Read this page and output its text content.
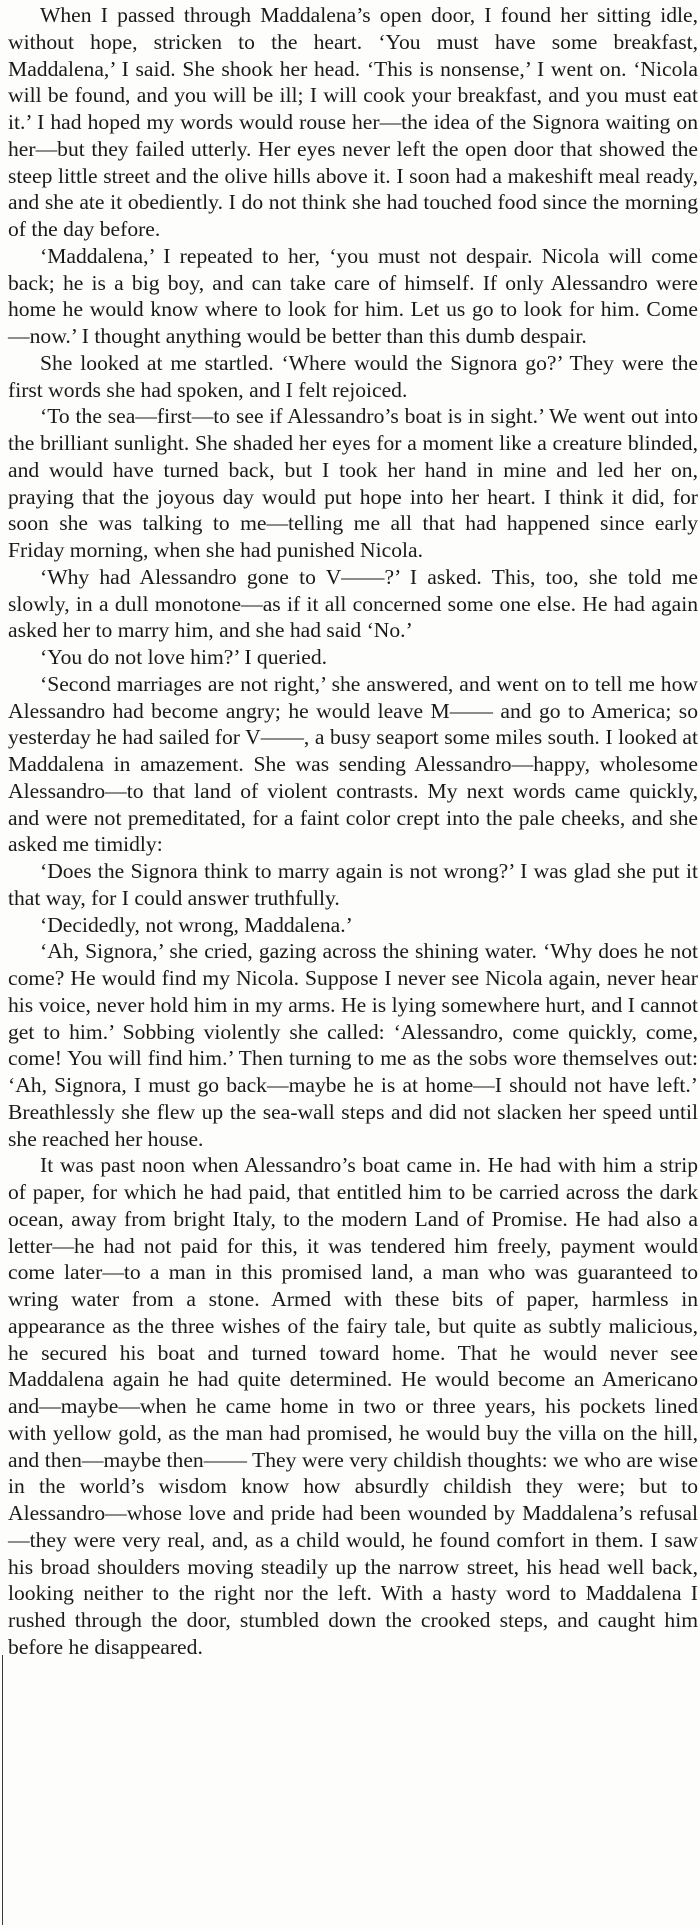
When I passed through Maddalena’s open door, I found her sitting idle, without hope, stricken to the heart. ‘You must have some breakfast, Maddalena,’ I said. She shook her head. ‘This is nonsense,’ I went on. ‘Nicola will be found, and you will be ill; I will cook your breakfast, and you must eat it.’ I had hoped my words would rouse her—the idea of the Signora waiting on her—but they failed utterly. Her eyes never left the open door that showed the steep little street and the olive hills above it. I soon had a makeshift meal ready, and she ate it obediently. I do not think she had touched food since the morning of the day before.

‘Maddalena,’ I repeated to her, ‘you must not despair. Nicola will come back; he is a big boy, and can take care of himself. If only Alessandro were home he would know where to look for him. Let us go to look for him. Come—now.’ I thought anything would be better than this dumb despair.

She looked at me startled. ‘Where would the Signora go?’ They were the first words she had spoken, and I felt rejoiced.

‘To the sea—first—to see if Alessandro’s boat is in sight.’ We went out into the brilliant sunlight. She shaded her eyes for a moment like a creature blinded, and would have turned back, but I took her hand in mine and led her on, praying that the joyous day would put hope into her heart. I think it did, for soon she was talking to me—telling me all that had happened since early Friday morning, when she had punished Nicola.

‘Why had Alessandro gone to V——?’ I asked. This, too, she told me slowly, in a dull monotone—as if it all concerned some one else. He had again asked her to marry him, and she had said ‘No.’

‘You do not love him?’ I queried.

‘Second marriages are not right,’ she answered, and went on to tell me how Alessandro had become angry; he would leave M—— and go to America; so yesterday he had sailed for V——, a busy seaport some miles south. I looked at Maddalena in amazement. She was sending Alessandro—happy, wholesome Alessandro—to that land of violent contrasts. My next words came quickly, and were not premeditated, for a faint color crept into the pale cheeks, and she asked me timidly:

‘Does the Signora think to marry again is not wrong?’ I was glad she put it that way, for I could answer truthfully.

‘Decidedly, not wrong, Maddalena.’

‘Ah, Signora,’ she cried, gazing across the shining water. ‘Why does he not come? He would find my Nicola. Suppose I never see Nicola again, never hear his voice, never hold him in my arms. He is lying somewhere hurt, and I cannot get to him.’ Sobbing violently she called: ‘Alessandro, come quickly, come, come! You will find him.’ Then turning to me as the sobs wore themselves out: ‘Ah, Signora, I must go back—maybe he is at home—I should not have left.’ Breathlessly she flew up the sea-wall steps and did not slacken her speed until she reached her house.

It was past noon when Alessandro’s boat came in. He had with him a strip of paper, for which he had paid, that entitled him to be carried across the dark ocean, away from bright Italy, to the modern Land of Promise. He had also a letter—he had not paid for this, it was tendered him freely, payment would come later—to a man in this promised land, a man who was guaranteed to wring water from a stone. Armed with these bits of paper, harmless in appearance as the three wishes of the fairy tale, but quite as subtly malicious, he secured his boat and turned toward home. That he would never see Maddalena again he had quite determined. He would become an Americano and—maybe—when he came home in two or three years, his pockets lined with yellow gold, as the man had promised, he would buy the villa on the hill, and then—maybe then—— They were very childish thoughts: we who are wise in the world’s wisdom know how absurdly childish they were; but to Alessandro—whose love and pride had been wounded by Maddalena’s refusal—they were very real, and, as a child would, he found comfort in them. I saw his broad shoulders moving steadily up the narrow street, his head well back, looking neither to the right nor the left. With a hasty word to Maddalena I rushed through the door, stumbled down the crooked steps, and caught him before he disappeared.
